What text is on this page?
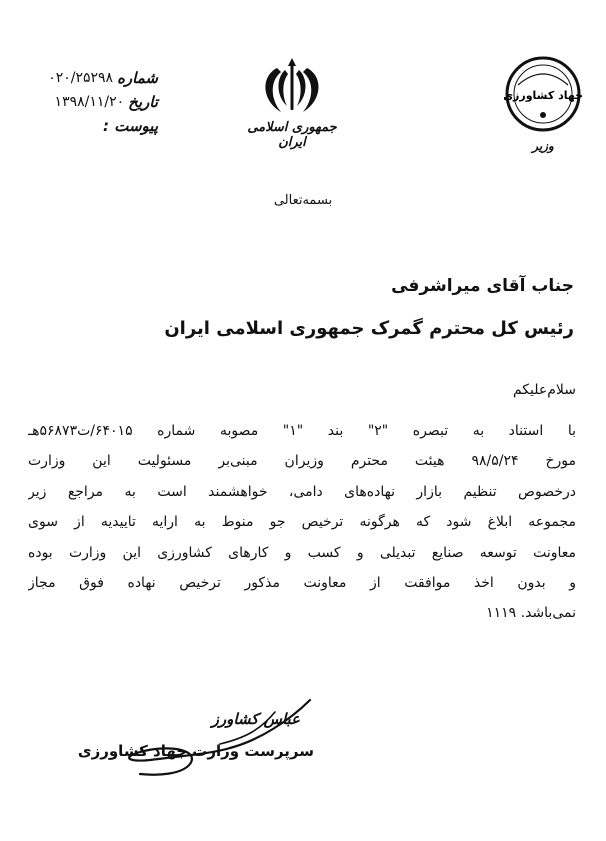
شماره
۰۲۰/۲۵۲۹۸
تاریخ
۱۳۹۸/۱۱/۲۰
پیوست :	جمهوری اسلامی ایران
جهاد کشاورزی
وزیر
بسمه‌تعالی
جناب آقای میراشرفی
رئیس کل محترم گمرک جمهوری اسلامی ایران
سلام‌علیکم
با استناد به تبصره "۲" بند "۱" مصوبه شماره ۶۴۰۱۵/ت۵۶۸۷۳هـ
مورخ ۹۸/۵/۲۴ هیئت محترم وزیران مبنی‌بر مسئولیت این وزارت
درخصوص تنظیم بازار نهاده‌های دامی، خواهشمند است به مراجع زیر
مجموعه ابلاغ شود که هرگونه ترخیص جو منوط به ارایه تاییدیه از سوی
معاونت توسعه صنایع تبدیلی و کسب و کارهای کشاورزی این وزارت بوده
و بدون اخذ موافقت از معاونت مذکور ترخیص نهاده فوق مجاز
نمی‌باشد. ۱۱۱۹
عباس کشاورز
سرپرست وزارت جهاد کشاورزی
